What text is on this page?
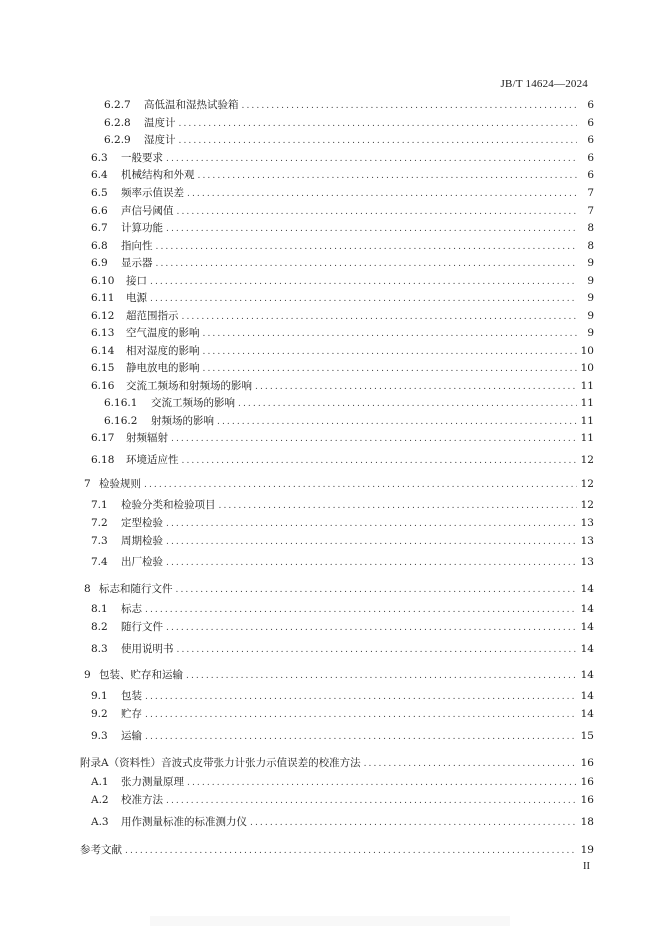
JB/T 14624—2024
6.2.7	高低温和湿热试验箱 .....	6
6.2.8	温度计 .....	6
6.2.9	湿度计 .....	6
6.3	一般要求 .....	6
6.4	机械结构和外观 .....	6
6.5	频率示值误差 .....	7
6.6	声信号阈值 .....	7
6.7	计算功能 .....	8
6.8	指向性 .....	8
6.9	显示器 .....	9
6.10	接口 .....	9
6.11	电源 .....	9
6.12	超范围指示 .....	9
6.13	空气温度的影响 .....	9
6.14	相对湿度的影响 .....	10
6.15	静电放电的影响 .....	10
6.16	交流工频场和射频场的影响 .....	11
6.16.1	交流工频场的影响 .....	11
6.16.2	射频场的影响 .....	11
6.17	射频辐射 .....	11
6.18	环境适应性 .....	12
7 检验规则 .....	12
7.1	检验分类和检验项目 .....	12
7.2	定型检验 .....	13
7.3	周期检验 .....	13
7.4	出厂检验 .....	13
8 标志和随行文件 .....	14
8.1	标志 .....	14
8.2	随行文件 .....	14
8.3	使用说明书 .....	14
9 包装、贮存和运输 .....	14
9.1	包装 .....	14
9.2	贮存 .....	14
9.3	运输 .....	15
附录A （资料性）音波式皮带张力计张力示值误差的校准方法 .....	16
A.1	张力测量原理 .....	16
A.2	校准方法 .....	16
A.3	用作测量标准的标准测力仪 .....	18
参考文献 .....	19
II
